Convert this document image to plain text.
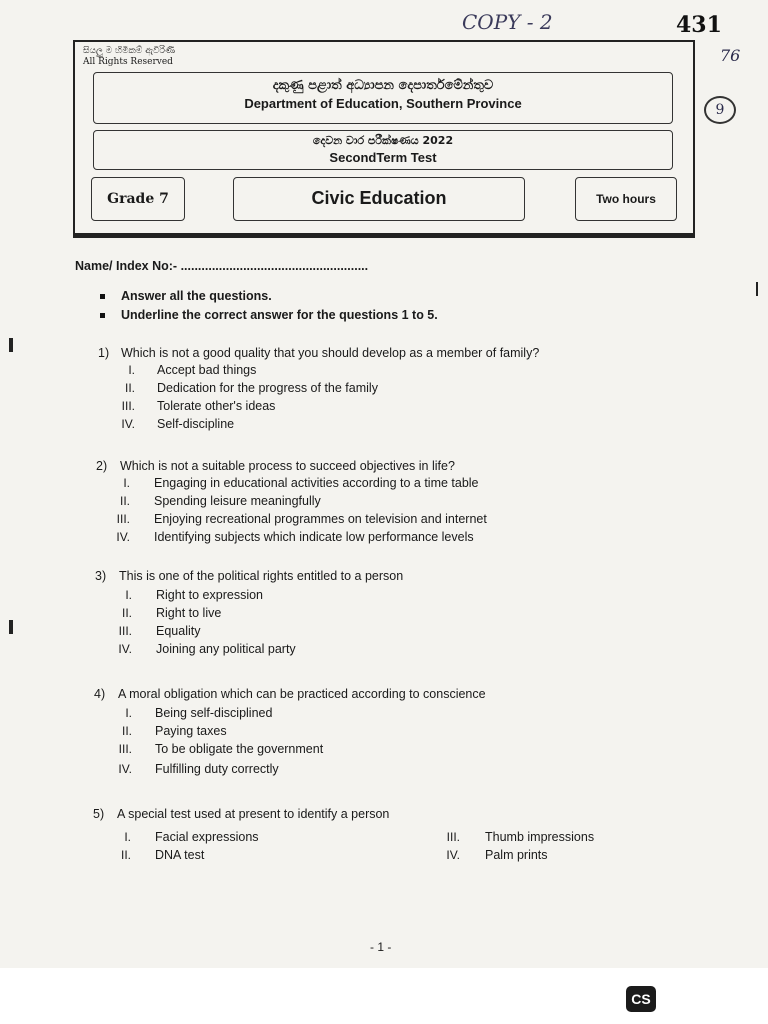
COPY - 2	431
76
9
සියලු ම හිමිකම් ඇවිරිණි
All Rights Reserved
දකුණු පළාත් අධ්‍යාපන දෙපාර්තමේන්තුව
Department of Education, Southern Province
දෙවන වාර පරීක්ෂණය 2022
SecondTerm Test
Grade 7	Civic Education	Two hours
Name/ Index No:- ......................................................
Answer all the questions.
Underline the correct answer for the questions 1 to 5.
1) Which is not a good quality that you should develop as a member of family?
I. Accept bad things
II. Dedication for the progress of the family
III. Tolerate other's ideas
IV. Self-discipline
2) Which is not a suitable process to succeed objectives in life?
I. Engaging in educational activities according to a time table
II. Spending leisure meaningfully
III. Enjoying recreational programmes on television and internet
IV. Identifying subjects which indicate low performance levels
3) This is one of the political rights entitled to a person
I. Right to expression
II. Right to live
III. Equality
IV. Joining any political party
4) A moral obligation which can be practiced according to conscience
I. Being self-disciplined
II. Paying taxes
III. To be obligate the government
IV. Fulfilling duty correctly
5) A special test used at present to identify a person
I. Facial expressions
II. DNA test
III. Thumb impressions
IV. Palm prints
- 1 -
CS
